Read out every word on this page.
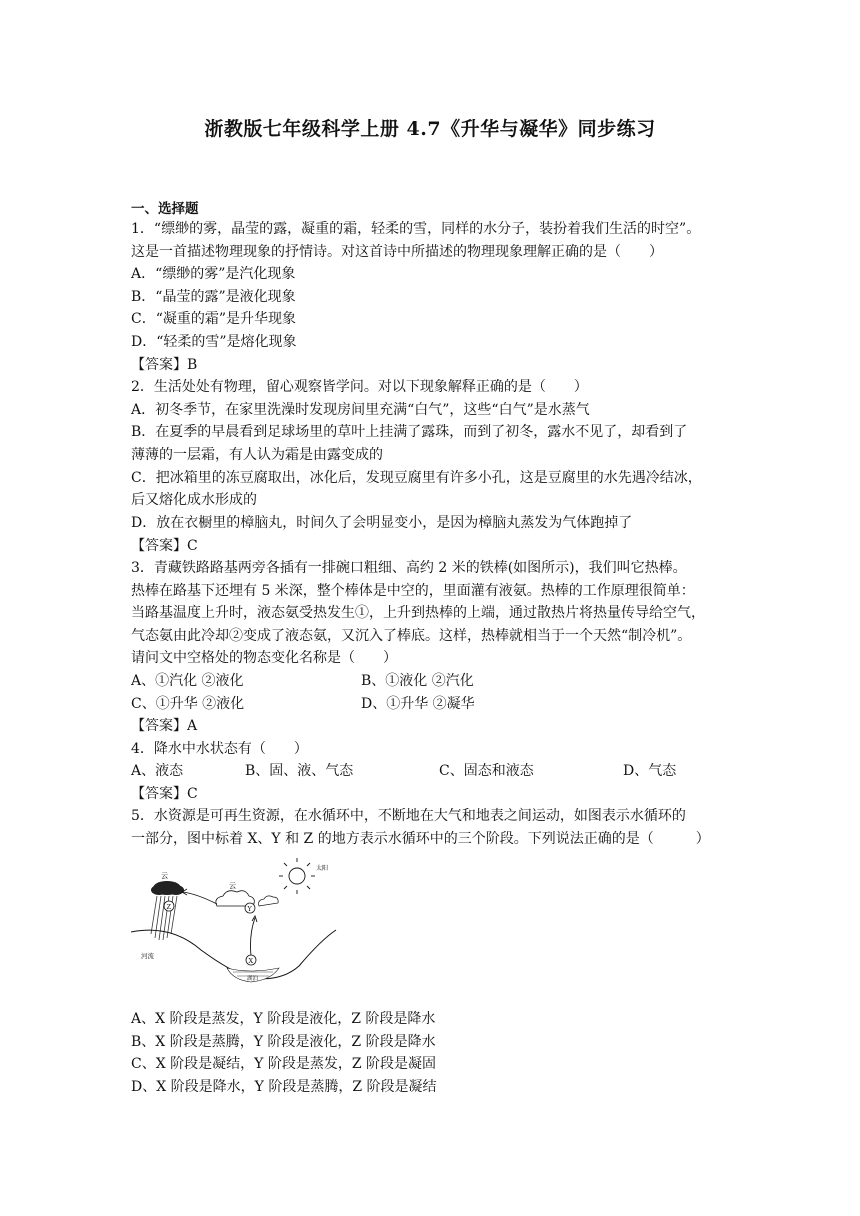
浙教版七年级科学上册 4.7《升华与凝华》同步练习
一、选择题
1．“缥缈的雾，晶莹的露，凝重的霜，轻柔的雪，同样的水分子，装扮着我们生活的时空”。
这是一首描述物理现象的抒情诗。对这首诗中所描述的物理现象理解正确的是（　　）
A．“缥缈的雾”是汽化现象
B．“晶莹的露”是液化现象
C．“凝重的霜”是升华现象
D．“轻柔的雪”是熔化现象
【答案】B
2．生活处处有物理，留心观察皆学问。对以下现象解释正确的是（　　）
A．初冬季节，在家里洗澡时发现房间里充满“白气”，这些“白气”是水蒸气
B．在夏季的早晨看到足球场里的草叶上挂满了露珠，而到了初冬，露水不见了，却看到了
薄薄的一层霜，有人认为霜是由露变成的
C．把冰箱里的冻豆腐取出，冰化后，发现豆腐里有许多小孔，这是豆腐里的水先遇冷结冰，
后又熔化成水形成的
D．放在衣橱里的樟脑丸，时间久了会明显变小，是因为樟脑丸蒸发为气体跑掉了
【答案】C
3．青藏铁路路基两旁各插有一排碗口粗细、高约 2 米的铁棒(如图所示)，我们叫它热棒。
热棒在路基下还埋有 5 米深，整个棒体是中空的，里面灌有液氨。热棒的工作原理很简单：
当路基温度上升时，液态氨受热发生①，上升到热棒的上端，通过散热片将热量传导给空气，
气态氨由此冷却②变成了液态氨，又沉入了棒底。这样，热棒就相当于一个天然“制冷机”。
请问文中空格处的物态变化名称是（　　）
A、①汽化 ②液化	B、①液化 ②汽化
C、①升华 ②液化	D、①升华 ②凝华
【答案】A
4．降水中水状态有（　　）
A、液态	B、固、液、气态	C、固态和液态	D、气态
【答案】C
5．水资源是可再生资源，在水循环中，不断地在大气和地表之间运动，如图表示水循环的
一部分，图中标着 X、Y 和 Z 的地方表示水循环中的三个阶段。下列说法正确的是（　　　）
云
Z
云
Y
太阳
湖泊
X
河流
A、X 阶段是蒸发，Y 阶段是液化，Z 阶段是降水
B、X 阶段是蒸腾，Y 阶段是液化，Z 阶段是降水
C、X 阶段是凝结，Y 阶段是蒸发，Z 阶段是凝固
D、X 阶段是降水，Y 阶段是蒸腾，Z 阶段是凝结
